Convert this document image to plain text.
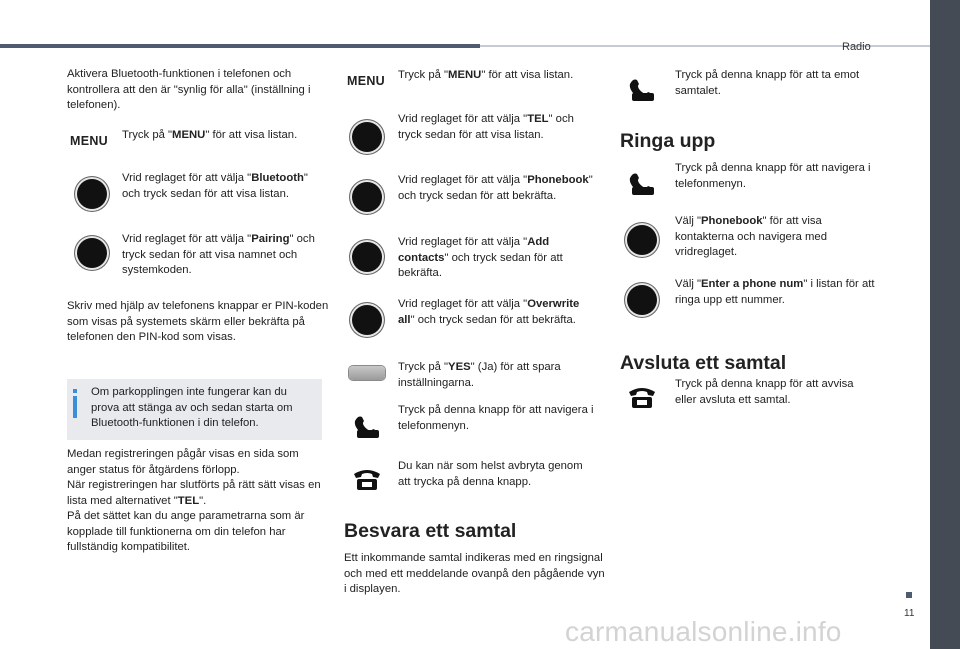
Radio

Aktivera Bluetooth-funktionen i telefonen och kontrollera att den är "synlig för alla" (inställning i telefonen).

MENU Tryck på "MENU" för att visa listan.

Vrid reglaget för att välja "Bluetooth" och tryck sedan för att visa listan.

Vrid reglaget för att välja "Pairing" och tryck sedan för att visa namnet och systemkoden.

Skriv med hjälp av telefonens knappar er PIN-koden som visas på systemets skärm eller bekräfta på telefonen den PIN-kod som visas.

Om parkopplingen inte fungerar kan du prova att stänga av och sedan starta om Bluetooth-funktionen i din telefon.

Medan registreringen pågår visas en sida som anger status för åtgärdens förlopp.

När registreringen har slutförts på rätt sätt visas en lista med alternativet "TEL".

På det sättet kan du ange parametrarna som är kopplade till funktionerna om din telefon har fullständig kompatibilitet.

MENU Tryck på "MENU" för att visa listan.

Vrid reglaget för att välja "TEL" och tryck sedan för att visa listan.

Vrid reglaget för att välja "Phonebook" och tryck sedan för att bekräfta.

Vrid reglaget för att välja "Add contacts" och tryck sedan för att bekräfta.

Vrid reglaget för att välja "Overwrite all" och tryck sedan för att bekräfta.

Tryck på "YES" (Ja) för att spara inställningarna.

Tryck på denna knapp för att navigera i telefonmenyn.

Du kan när som helst avbryta genom att trycka på denna knapp.

Besvara ett samtal

Ett inkommande samtal indikeras med en ringsignal och med ett meddelande ovanpå den pågående vyn i displayen.

Tryck på denna knapp för att ta emot samtalet.

Ringa upp

Tryck på denna knapp för att navigera i telefonmenyn.

Välj "Phonebook" för att visa kontakterna och navigera med vridreglaget.

Välj "Enter a phone num" i listan för att ringa upp ett nummer.

Avsluta ett samtal

Tryck på denna knapp för att avvisa eller avsluta ett samtal.

11
carmanualsonline.info
